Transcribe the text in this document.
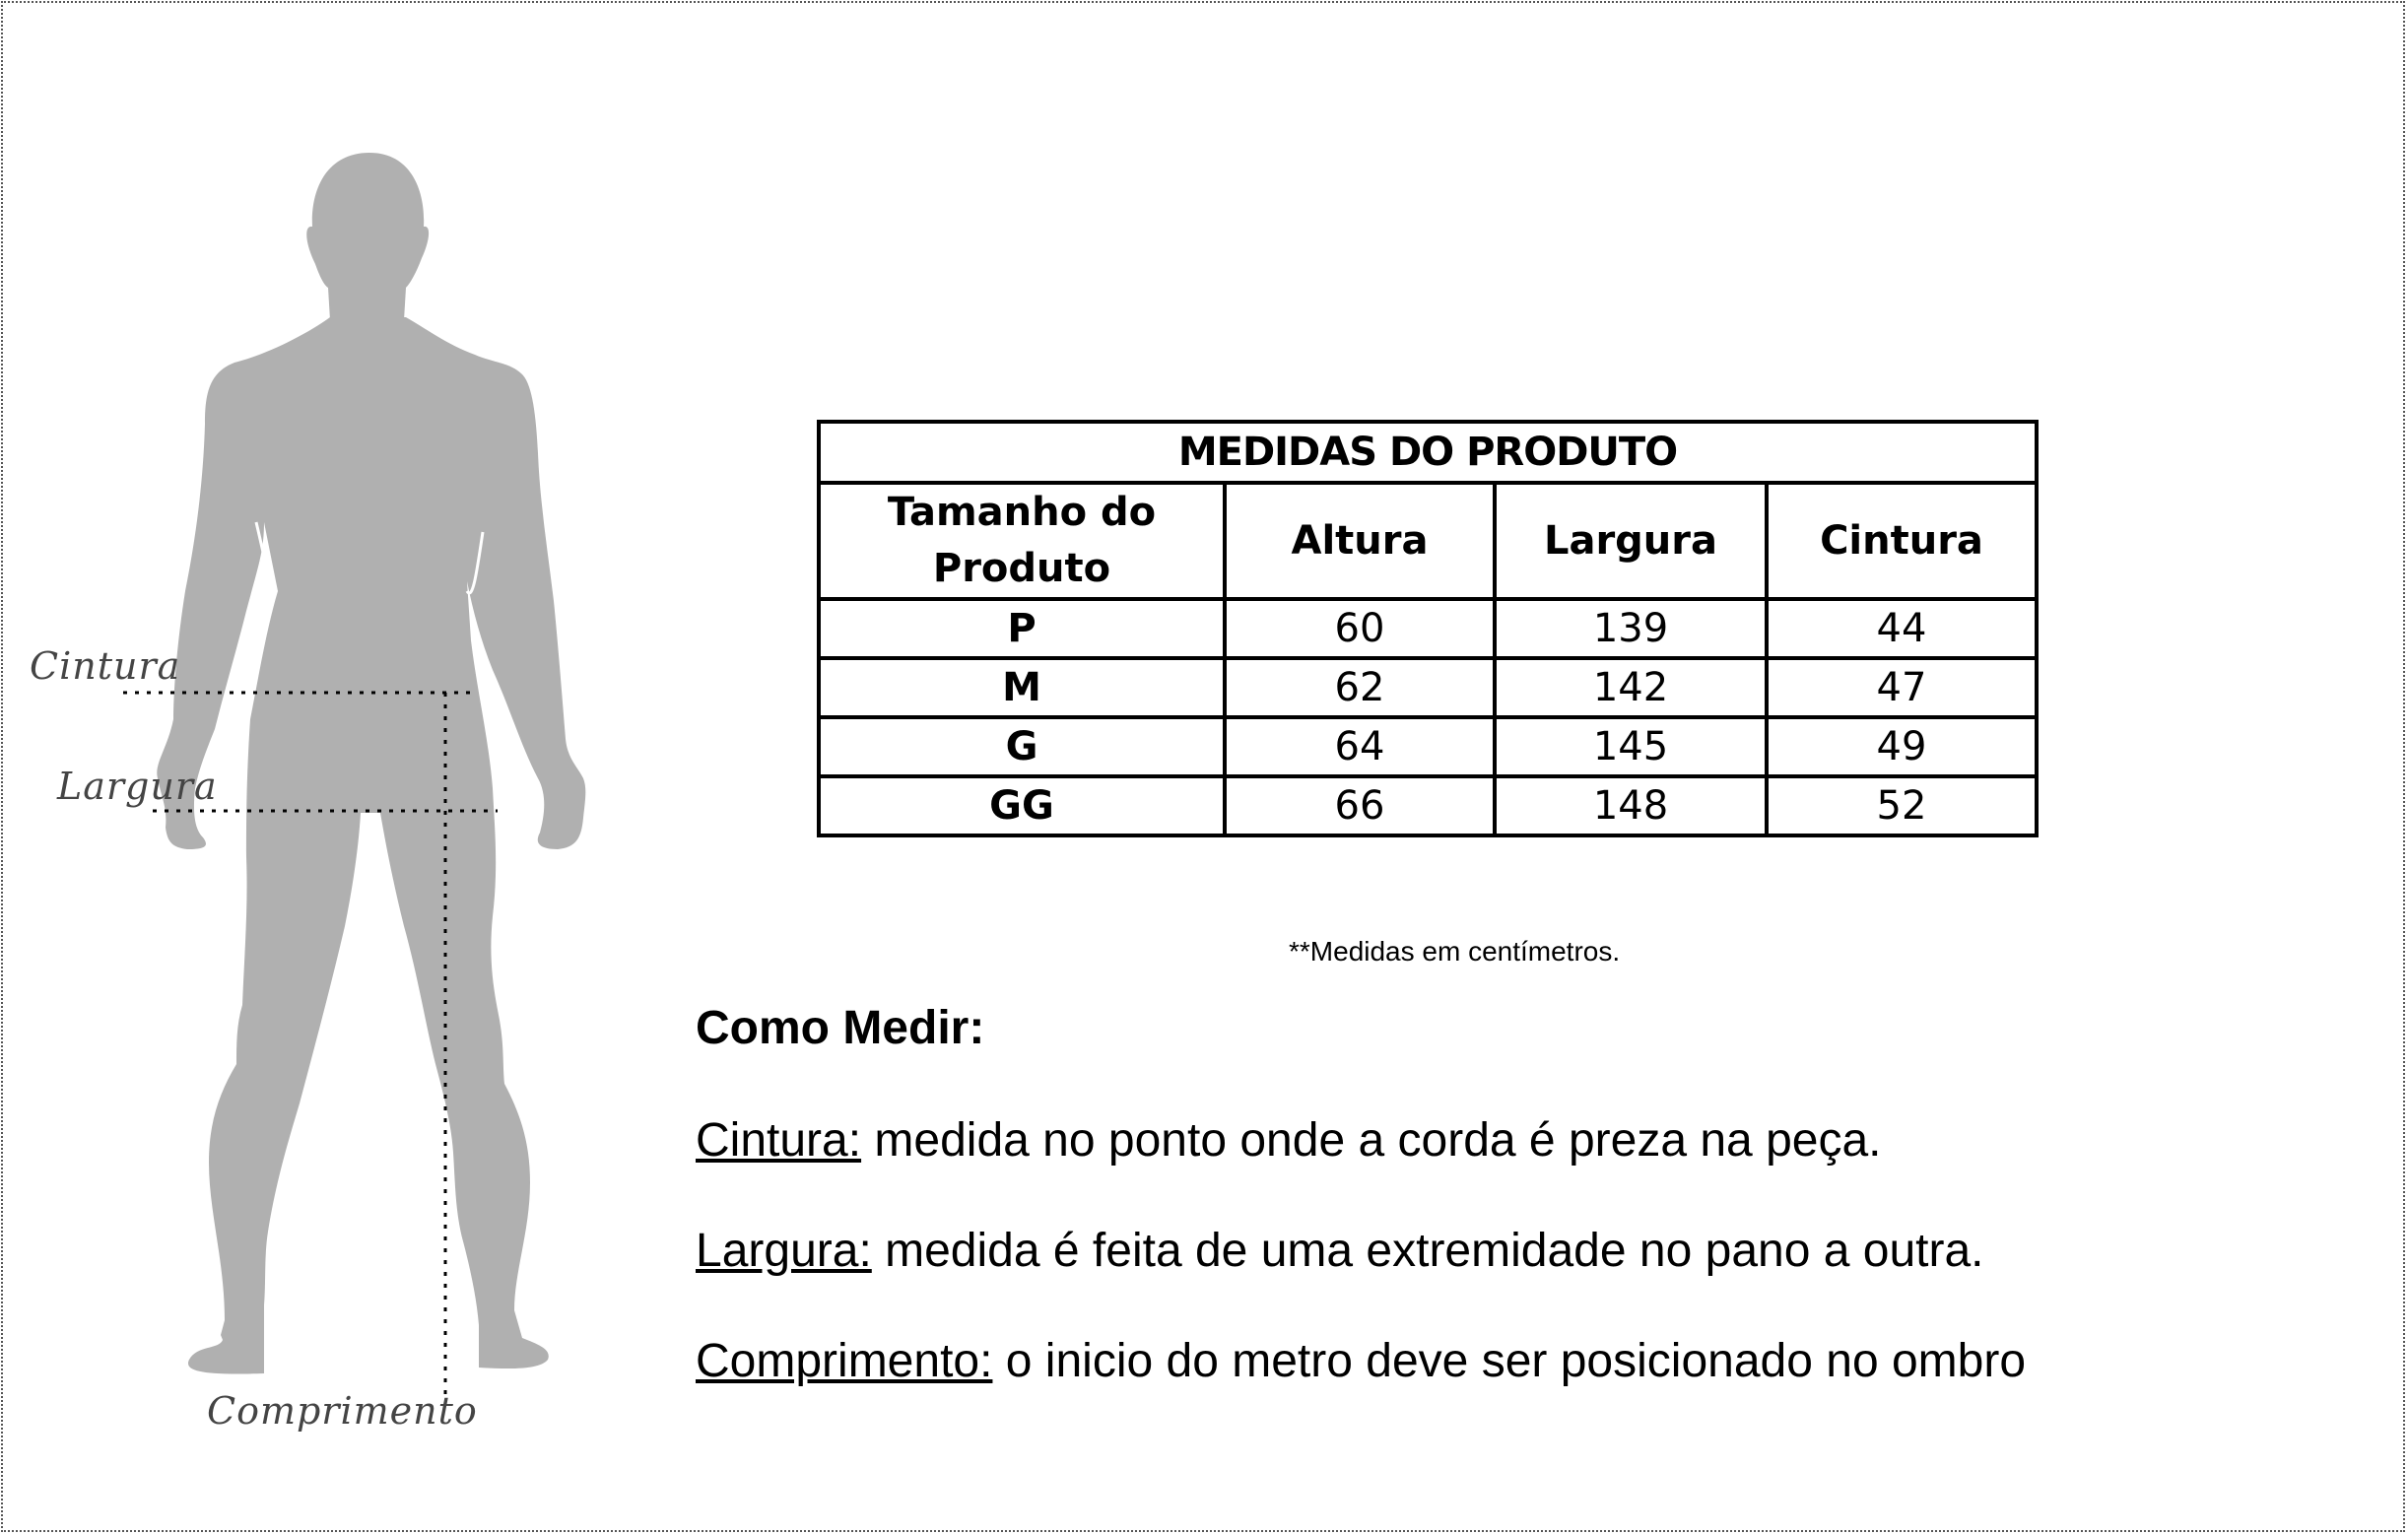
Cintura
Largura
Comprimento
MEDIDAS DO PRODUTO			
Tamanho do
Produto	Altura	Largura	Cintura
P	60	139	44
M	62	142	47
G	64	145	49
GG	66	148	52
**Medidas em centímetros.
Como Medir:
Cintura: medida no ponto onde a corda é preza na peça.
Largura: medida é feita de uma extremidade no pano a outra.
Comprimento: o inicio do metro deve ser posicionado no ombro
